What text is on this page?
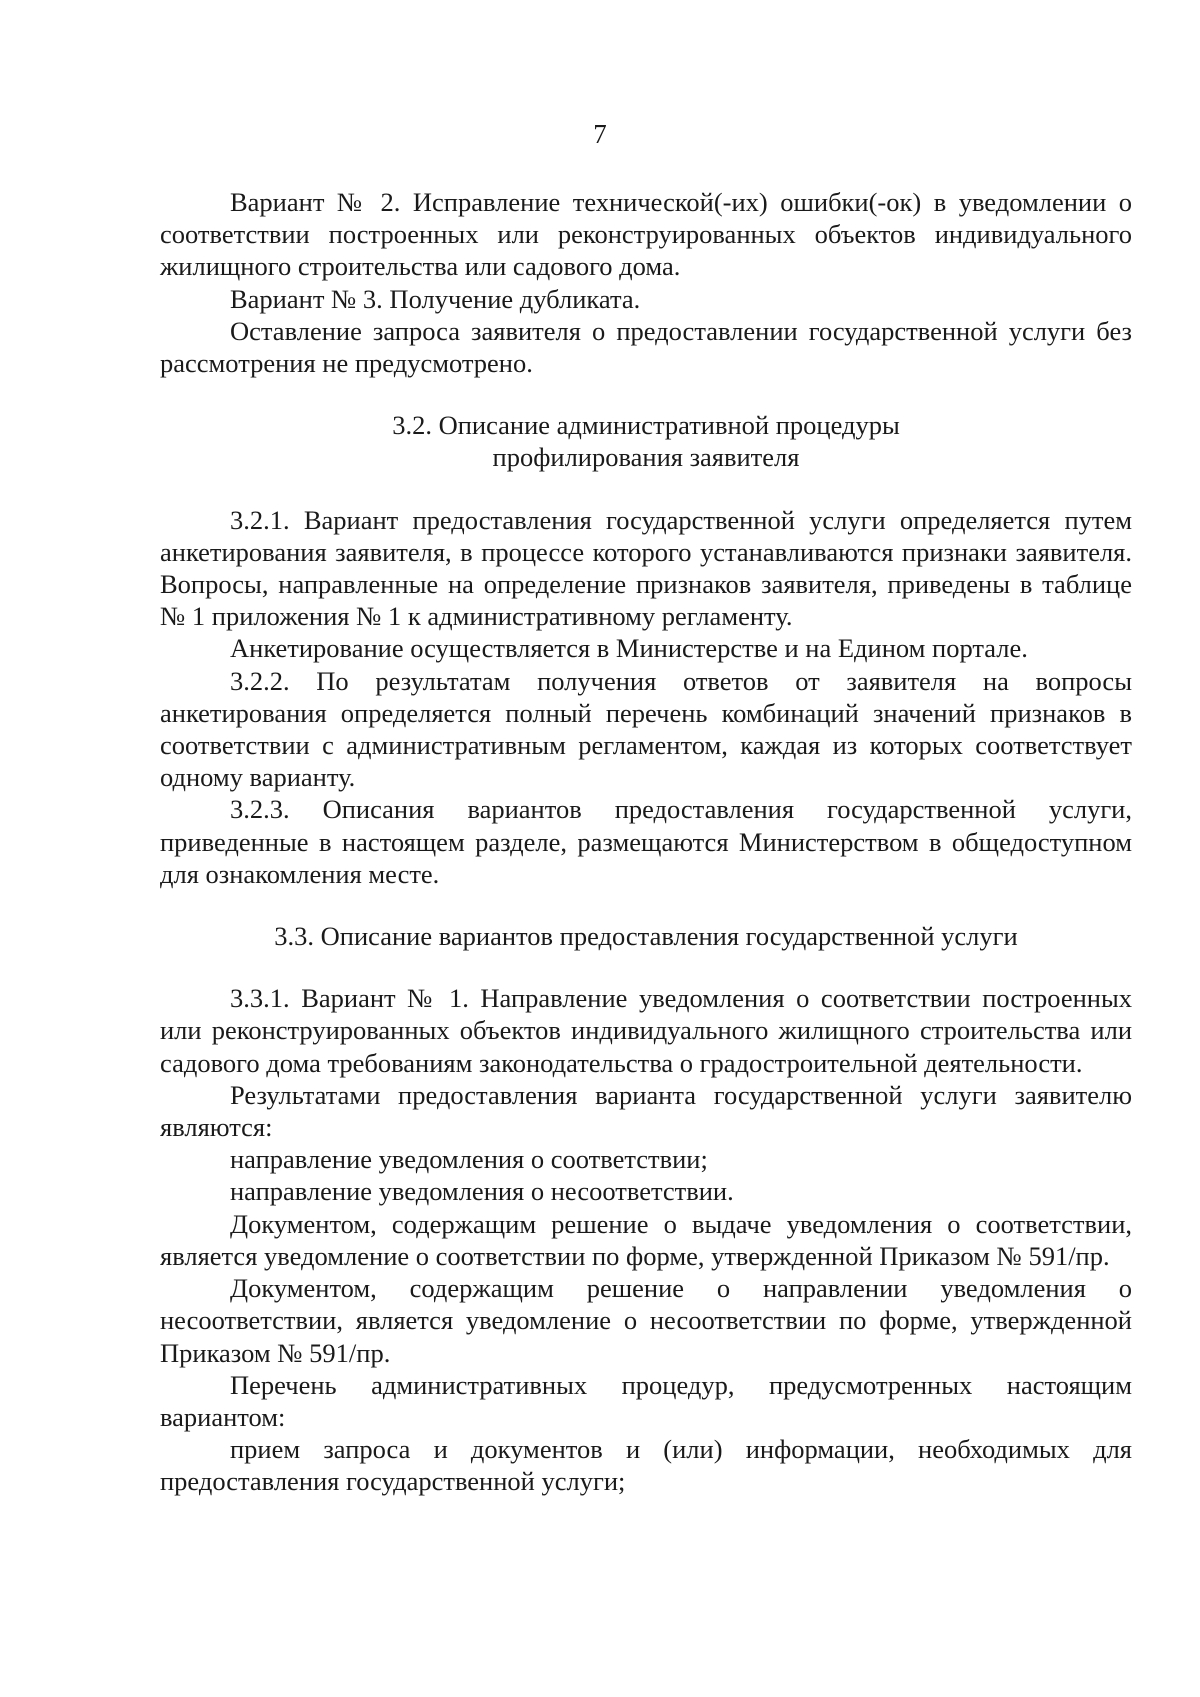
7

Вариант № 2. Исправление технической(-их) ошибки(-ок) в уведомлении о соответствии построенных или реконструированных объектов индивидуального жилищного строительства или садового дома.

Вариант № 3. Получение дубликата.

Оставление запроса заявителя о предоставлении государственной услуги без рассмотрения не предусмотрено.

3.2. Описание административной процедуры
профилирования заявителя

3.2.1. Вариант предоставления государственной услуги определяется путем анкетирования заявителя, в процессе которого устанавливаются признаки заявителя. Вопросы, направленные на определение признаков заявителя, приведены в таблице № 1 приложения № 1 к административному регламенту.

Анкетирование осуществляется в Министерстве и на Едином портале.

3.2.2. По результатам получения ответов от заявителя на вопросы анкетирования определяется полный перечень комбинаций значений признаков в соответствии с административным регламентом, каждая из которых соответствует одному варианту.

3.2.3. Описания вариантов предоставления государственной услуги, приведенные в настоящем разделе, размещаются Министерством в общедоступном для ознакомления месте.

3.3. Описание вариантов предоставления государственной услуги

3.3.1. Вариант № 1. Направление уведомления о соответствии построенных или реконструированных объектов индивидуального жилищного строительства или садового дома требованиям законодательства о градостроительной деятельности.

Результатами предоставления варианта государственной услуги заявителю являются:

направление уведомления о соответствии;

направление уведомления о несоответствии.

Документом, содержащим решение о выдаче уведомления о соответствии, является уведомление о соответствии по форме, утвержденной Приказом № 591/пр.

Документом, содержащим решение о направлении уведомления о несоответствии, является уведомление о несоответствии по форме, утвержденной Приказом № 591/пр.

Перечень административных процедур, предусмотренных настоящим вариантом:

прием запроса и документов и (или) информации, необходимых для предоставления государственной услуги;
